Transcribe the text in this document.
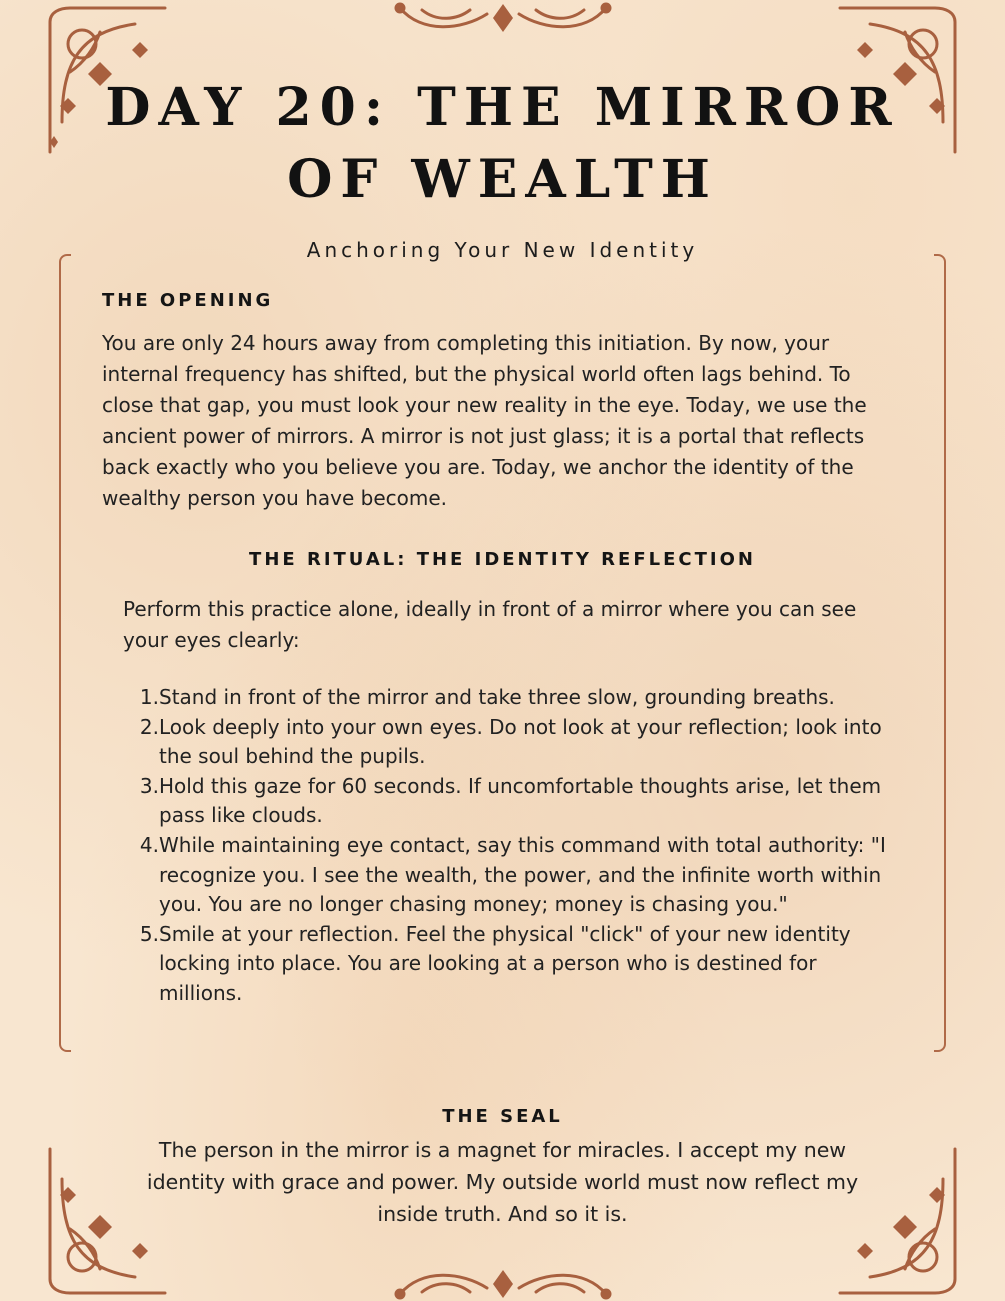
DAY 20: THE MIRROR OF WEALTH

Anchoring Your New Identity

THE OPENING

You are only 24 hours away from completing this initiation. By now, your internal frequency has shifted, but the physical world often lags behind. To close that gap, you must look your new reality in the eye. Today, we use the ancient power of mirrors. A mirror is not just glass; it is a portal that reflects back exactly who you believe you are. Today, we anchor the identity of the wealthy person you have become.

THE RITUAL: THE IDENTITY REFLECTION

Perform this practice alone, ideally in front of a mirror where you can see your eyes clearly:

1. Stand in front of the mirror and take three slow, grounding breaths.
2. Look deeply into your own eyes. Do not look at your reflection; look into the soul behind the pupils.
3. Hold this gaze for 60 seconds. If uncomfortable thoughts arise, let them pass like clouds.
4. While maintaining eye contact, say this command with total authority: "I recognize you. I see the wealth, the power, and the infinite worth within you. You are no longer chasing money; money is chasing you."
5. Smile at your reflection. Feel the physical "click" of your new identity locking into place. You are looking at a person who is destined for millions.
THE SEAL

The person in the mirror is a magnet for miracles. I accept my new identity with grace and power. My outside world must now reflect my inside truth. And so it is.
